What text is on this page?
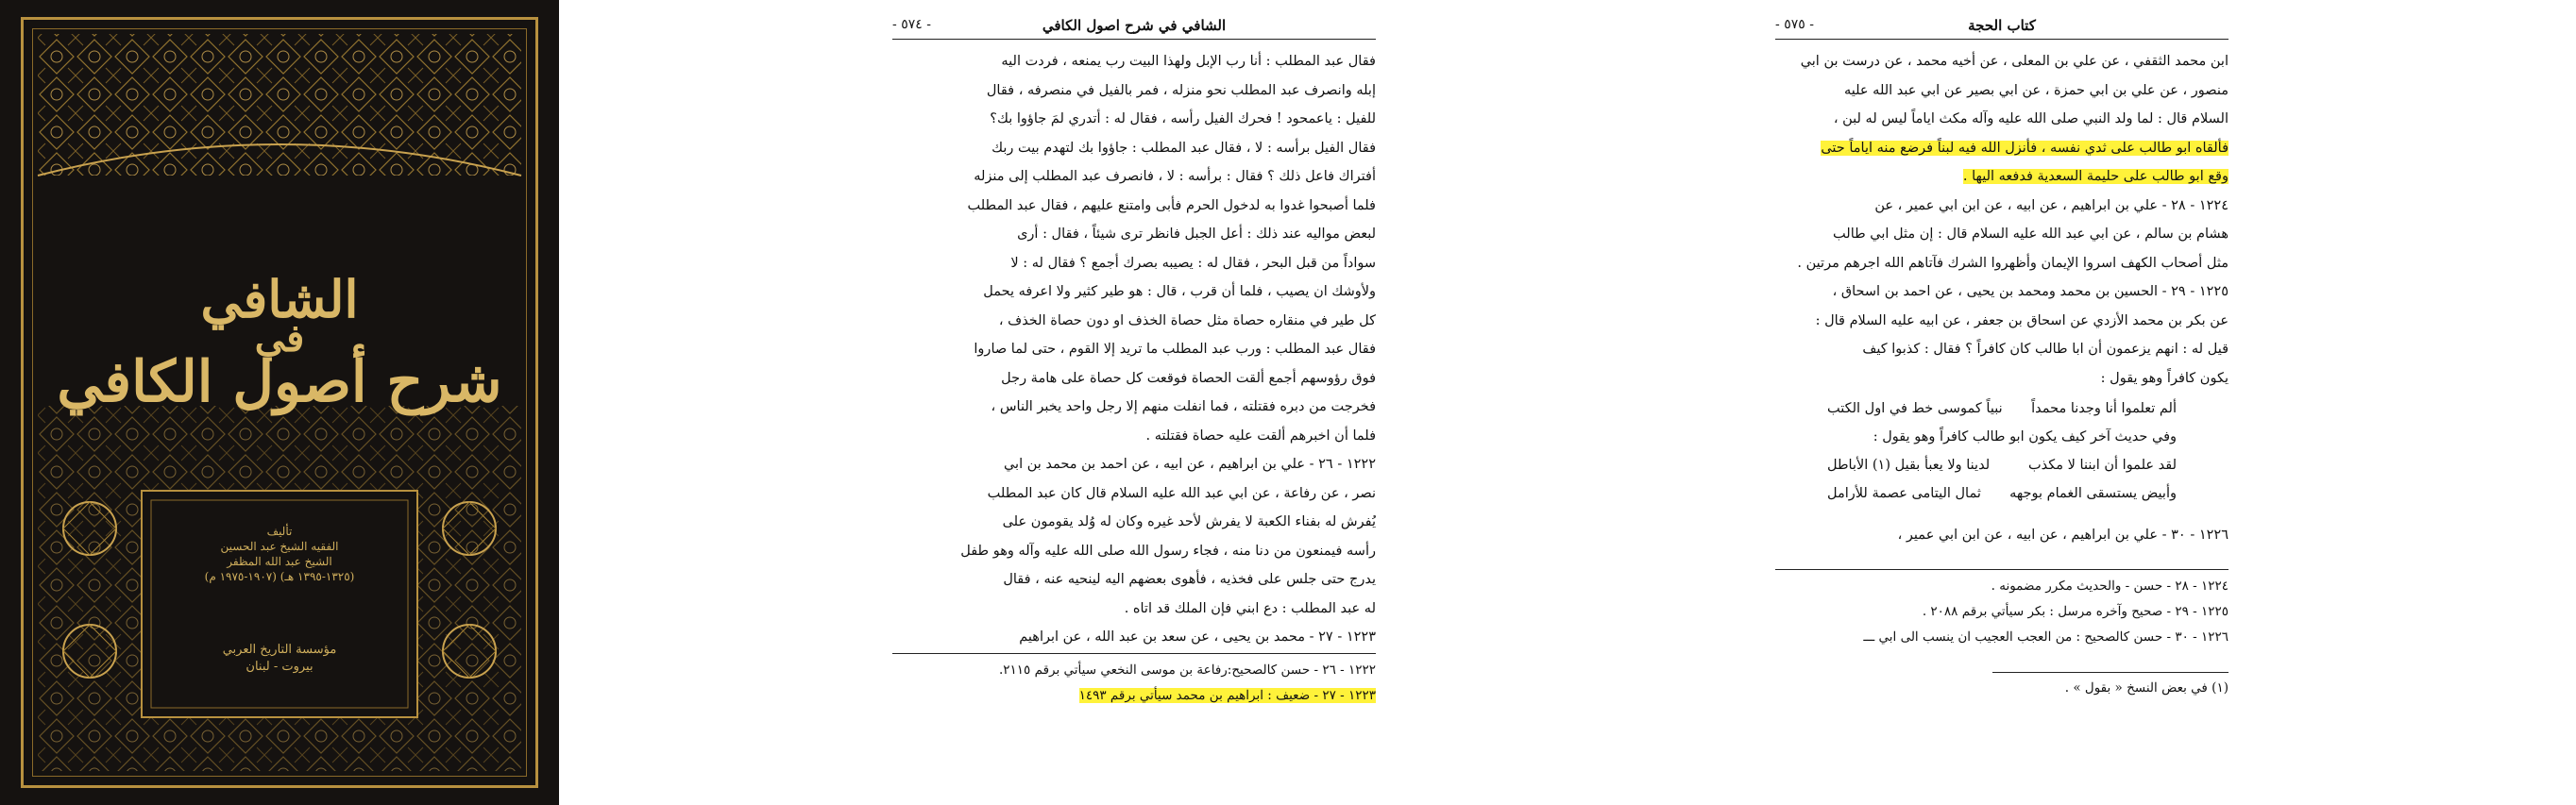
الشافي
في
شرح أصول الكافي
تأليف
الفقيه الشيخ عبد الحسين
الشيخ عبد الله المظفر
(١٣٢٥-١٣٩٥ هـ) (١٩٠٧-١٩٧٥ م)
مؤسسة التاريخ العربي
بيروت - لبنان
- ٥٧٤ -	الشافي في شرح اصول الكافي

فقال عبد المطلب : أنا رب الإبل ولهذا البيت رب يمنعه ، فردت اليه

إبله وانصرف عبد المطلب نحو منزله ، فمر بالفيل في منصرفه ، فقال

للفيل : ياعمحود ! فحرك الفيل رأسه ، فقال له : أتدري لمَ جاؤوا بك؟

فقال الفيل برأسه : لا ، فقال عبد المطلب : جاؤوا بك لتهدم بيت ربك

أفتراك فاعل ذلك ؟ فقال : برأسه : لا ، فانصرف عبد المطلب إلى منزله

فلما أصبحوا غدوا به لدخول الحرم فأبى وامتنع عليهم ، فقال عبد المطلب

لبعض مواليه عند ذلك : أعل الجبل فانظر ترى شيئاً ، فقال : أرى

سواداً من قبل البحر ، فقال له : يصيبه بصرك أجمع ؟ فقال له : لا

ولأوشك ان يصيب ، فلما أن قرب ، قال : هو طير كثير ولا اعرفه يحمل

كل طير في منقاره حصاة مثل حصاة الخذف او دون حصاة الخذف ،

فقال عبد المطلب : ورب عبد المطلب ما تريد إلا القوم ، حتى لما صاروا

فوق رؤوسهم أجمع ألقت الحصاة فوقعت كل حصاة على هامة رجل

فخرجت من دبره فقتلته ، فما انفلت منهم إلا رجل واحد يخبر الناس ،

فلما أن اخبرهم ألقت عليه حصاة فقتلته .

١٢٢٢ - ٢٦ - علي بن ابراهيم ، عن ابيه ، عن احمد بن محمد بن ابي

نصر ، عن رفاعة ، عن ابي عبد الله عليه السلام قال كان عبد المطلب

يُفرش له بفناء الكعبة لا يفرش لأحد غيره وكان له وُلد يقومون على

رأسه فيمنعون من دنا منه ، فجاء رسول الله صلى الله عليه وآله وهو طفل

يدرج حتى جلس على فخذيه ، فأهوى بعضهم اليه لينحيه عنه ، فقال

له عبد المطلب : دع ابني فإن الملك قد اتاه .

١٢٢٣ - ٢٧ - محمد بن يحيى ، عن سعد بن عبد الله ، عن ابراهيم

١٢٢٢ - ٢٦ - حسن كالصحيح:رفاعة بن موسى النخعي سيأتي برقم ٢١١٥.

١٢٢٣ - ٢٧ - ضعيف : ابراهيم بن محمد سيأتي برقم ١٤٩٣

- ٥٧٥ -	كتاب الحجة

ابن محمد الثقفي ، عن علي بن المعلى ، عن أخيه محمد ، عن درست بن ابي

منصور ، عن علي بن ابي حمزة ، عن ابي بصير عن ابي عبد الله عليه

السلام قال : لما ولد النبي صلى الله عليه وآله مكث اياماً ليس له لبن ،

فألقاه ابو طالب على ثدي نفسه ، فأنزل الله فيه لبناً فرضع منه اياماً حتى

وقع ابو طالب على حليمة السعدية فدفعه اليها .

١٢٢٤ - ٢٨ - علي بن ابراهيم ، عن ابيه ، عن ابن ابي عمير ، عن

هشام بن سالم ، عن ابي عبد الله عليه السلام قال : إن مثل ابي طالب

مثل أصحاب الكهف اسروا الإيمان وأظهروا الشرك فآتاهم الله اجرهم مرتين .

١٢٢٥ - ٢٩ - الحسين بن محمد ومحمد بن يحيى ، عن احمد بن اسحاق ،

عن بكر بن محمد الأزدي عن اسحاق بن جعفر ، عن ابيه عليه السلام قال :

قيل له : انهم يزعمون أن ابا طالب كان كافراً ؟ فقال : كذبوا كيف

يكون كافراً وهو يقول :

ألم تعلموا أنا وجدنا محمداً
نبياً كموسى خط في اول الكتب
وفي حديث آخر كيف يكون ابو طالب كافراً وهو يقول :
لقد علموا أن ابننا لا مكذب
لدينا ولا يعبأ بقيل (١) الأباطل
وأبيض يستسقى الغمام بوجهه
ثمال اليتامى عصمة للأرامل

١٢٢٦ - ٣٠ - علي بن ابراهيم ، عن ابيه ، عن ابن ابي عمير ،

١٢٢٤ - ٢٨ - حسن - والحديث مكرر مضمونه .

١٢٢٥ - ٢٩ - صحيح وآخره مرسل : بكر سيأتي برقم ٢٠٨٨ .

١٢٢٦ - ٣٠ - حسن كالصحيح : من العجب العجيب ان ينسب الى ابي ـــ

(١) في بعض النسخ « بقول » .
